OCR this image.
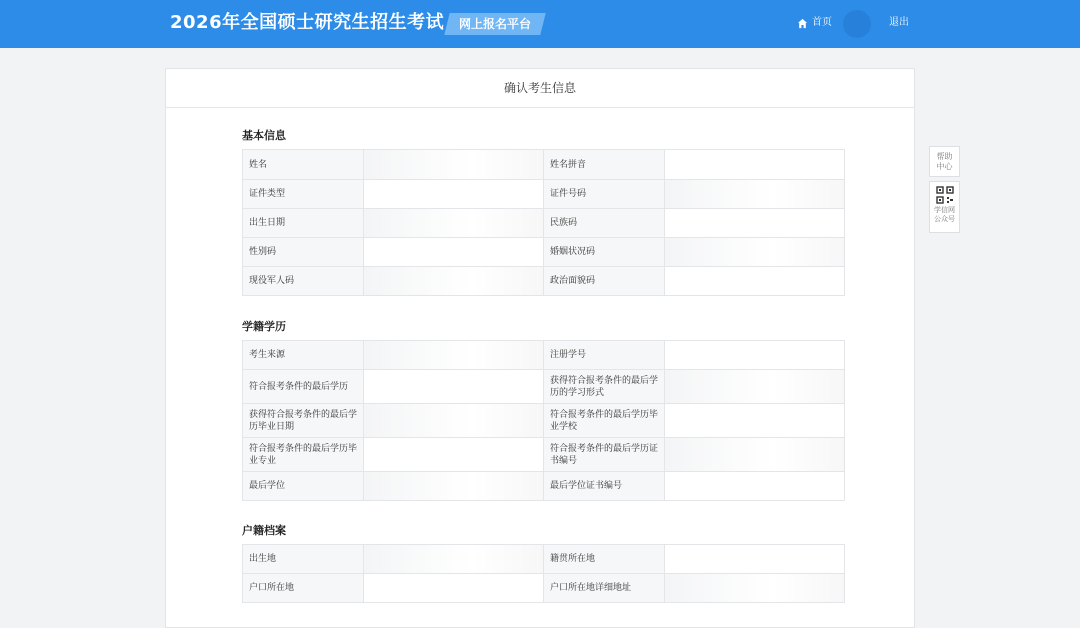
2026年全国硕士研究生招生考试	网上报名平台	首页	退出
确认考生信息
基本信息
姓名		姓名拼音	
证件类型		证件号码	
出生日期		民族码	
性别码		婚姻状况码	
现役军人码		政治面貌码	
学籍学历
考生来源		注册学号	
符合报考条件的最后学历		获得符合报考条件的最后学历的学习形式	
获得符合报考条件的最后学历毕业日期		符合报考条件的最后学历毕业学校	
符合报考条件的最后学历毕业专业		符合报考条件的最后学历证书编号	
最后学位		最后学位证书编号	
户籍档案
出生地		籍贯所在地	
户口所在地		户口所在地详细地址	
帮助中心
学信网公众号
